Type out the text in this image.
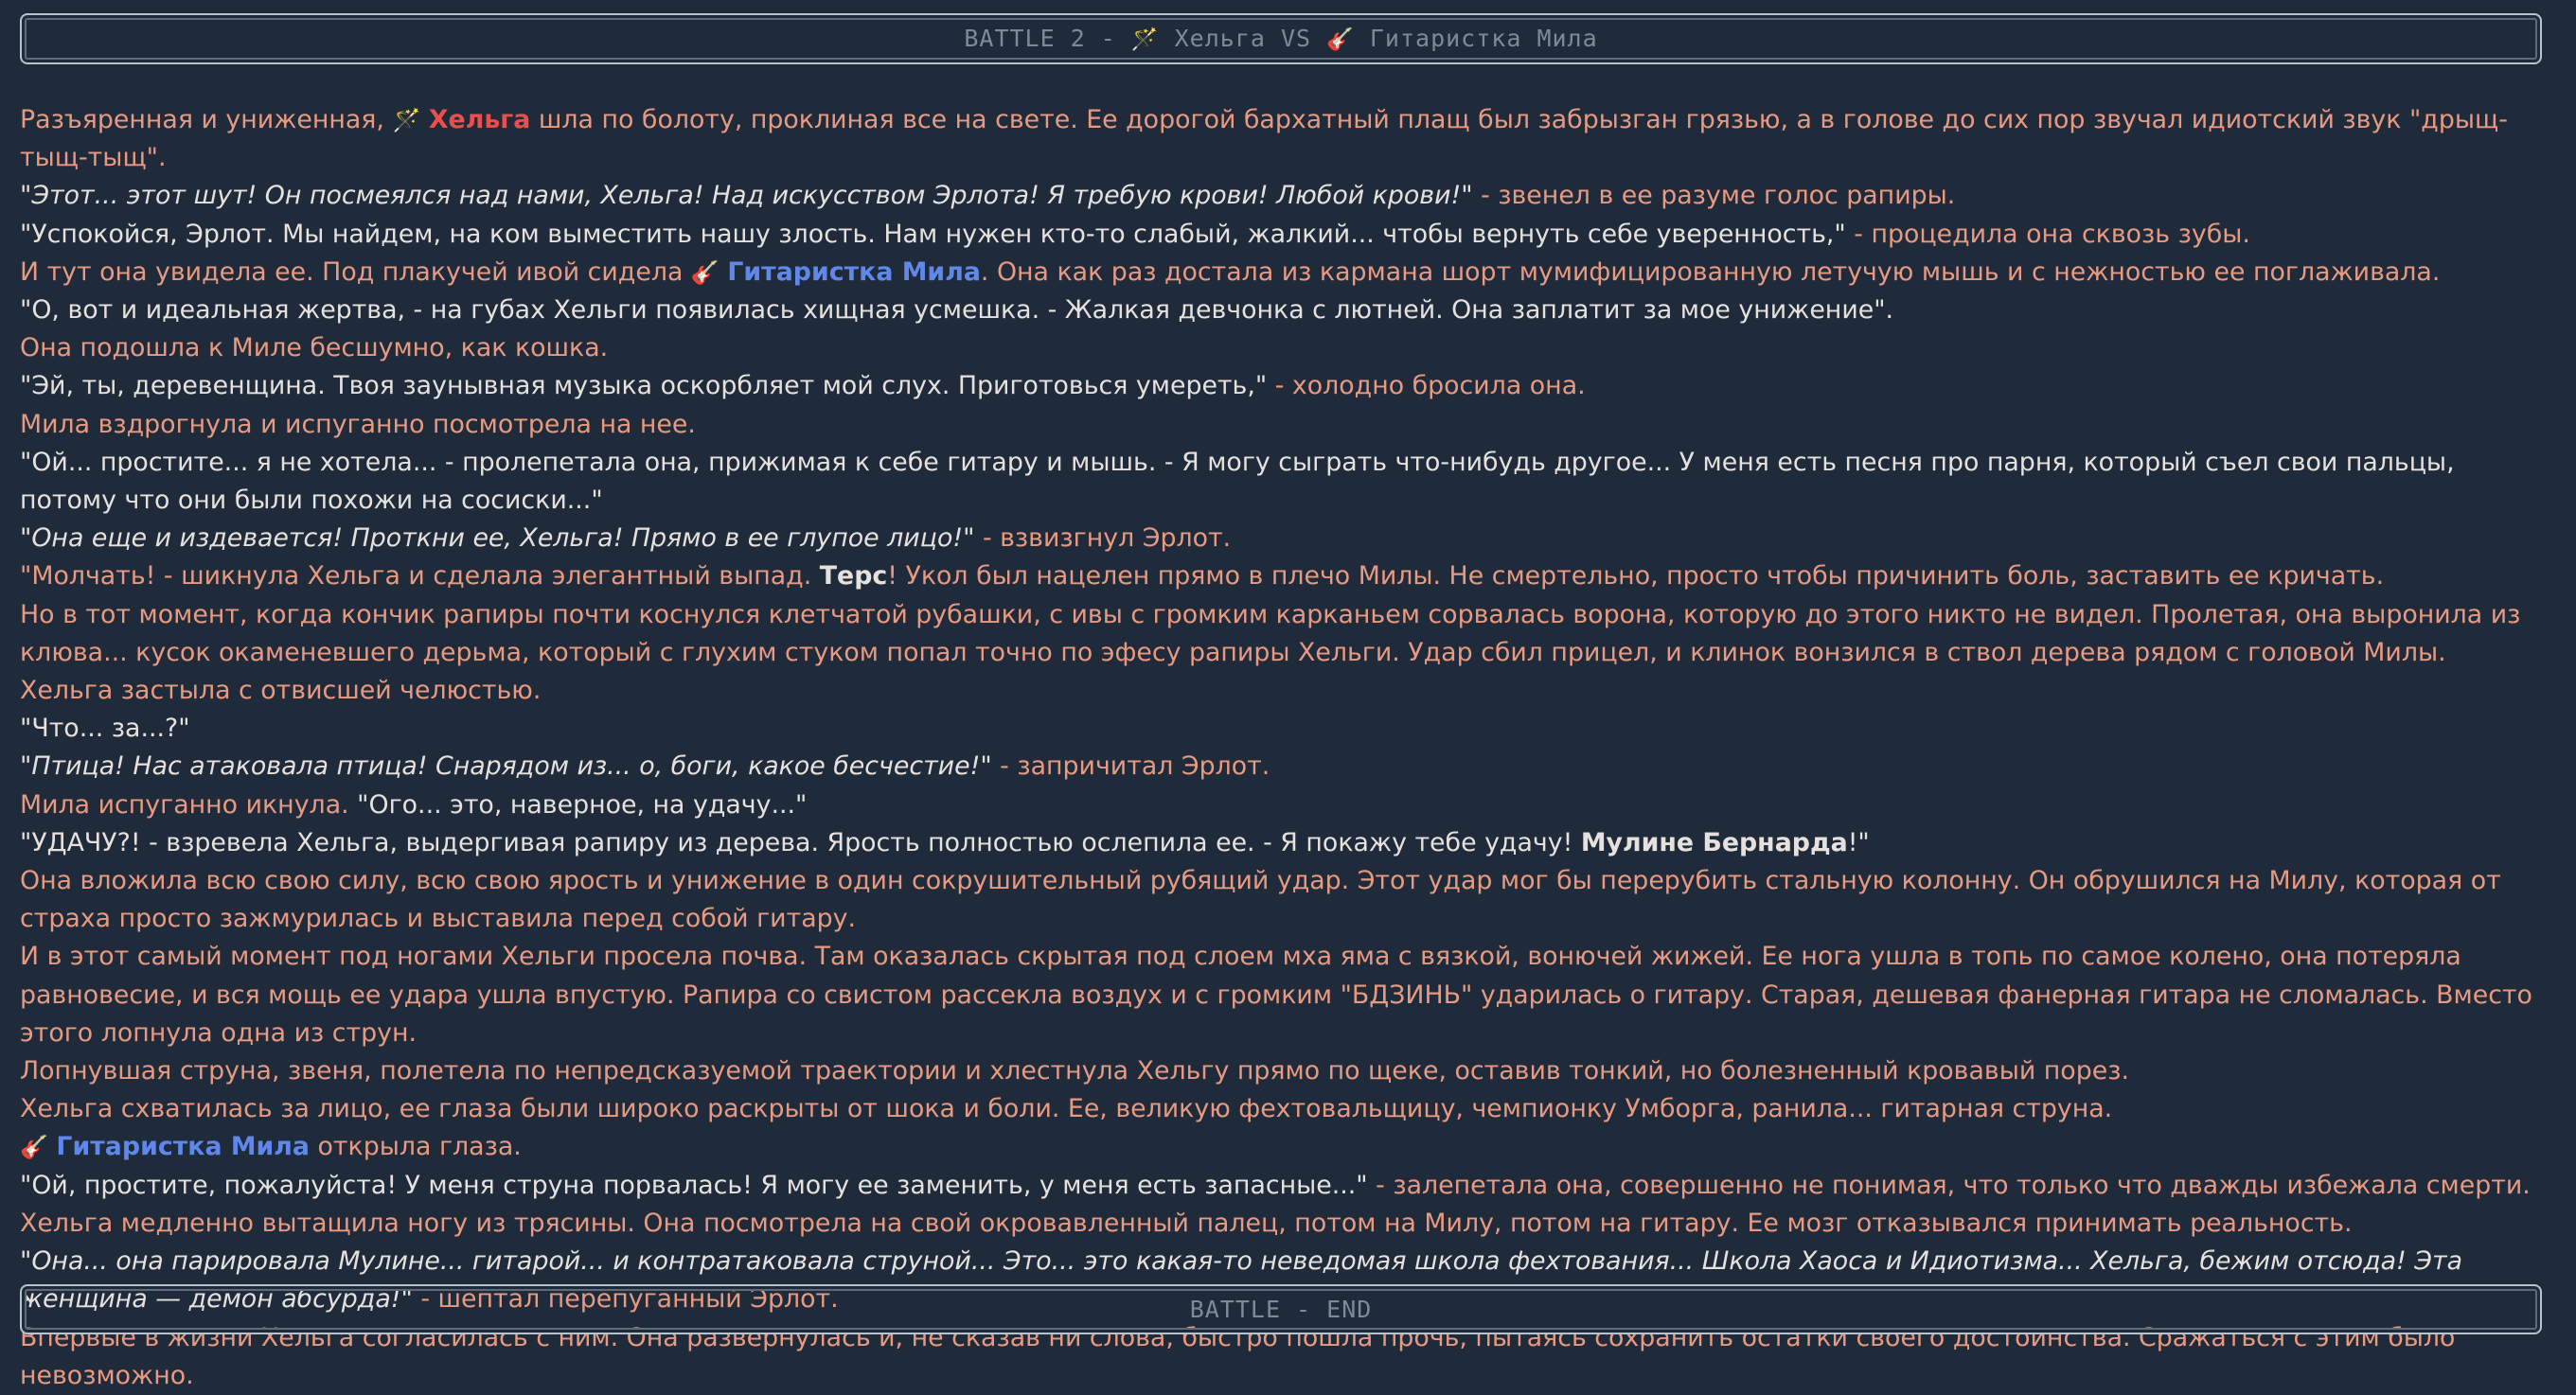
BATTLE 2 - 🪄 Хельга VS 🎸 Гитаристка Мила

Разъяренная и униженная, 🪄 Хельга шла по болоту, проклиная все на свете. Ее дорогой бархатный плащ был забрызган грязью, а в голове до сих пор звучал идиотский звук "дрыщ-тыщ-тыщ".

"Этот... этот шут! Он посмеялся над нами, Хельга! Над искусством Эрлота! Я требую крови! Любой крови!" - звенел в ее разуме голос рапиры.

"Успокойся, Эрлот. Мы найдем, на ком выместить нашу злость. Нам нужен кто-то слабый, жалкий... чтобы вернуть себе уверенность," - процедила она сквозь зубы.

И тут она увидела ее. Под плакучей ивой сидела 🎸 Гитаристка Мила. Она как раз достала из кармана шорт мумифицированную летучую мышь и с нежностью ее поглаживала.

"О, вот и идеальная жертва, - на губах Хельги появилась хищная усмешка. - Жалкая девчонка с лютней. Она заплатит за мое унижение".

Она подошла к Миле бесшумно, как кошка.

"Эй, ты, деревенщина. Твоя заунывная музыка оскорбляет мой слух. Приготовься умереть," - холодно бросила она.

Мила вздрогнула и испуганно посмотрела на нее.

"Ой... простите... я не хотела... - пролепетала она, прижимая к себе гитару и мышь. - Я могу сыграть что-нибудь другое... У меня есть песня про парня, который съел свои пальцы, потому что они были похожи на сосиски..."

"Она еще и издевается! Проткни ее, Хельга! Прямо в ее глупое лицо!" - взвизгнул Эрлот.

"Молчать! - шикнула Хельга и сделала элегантный выпад. Терс! Укол был нацелен прямо в плечо Милы. Не смертельно, просто чтобы причинить боль, заставить ее кричать.

Но в тот момент, когда кончик рапиры почти коснулся клетчатой рубашки, с ивы с громким карканьем сорвалась ворона, которую до этого никто не видел. Пролетая, она выронила из клюва... кусок окаменевшего дерьма, который с глухим стуком попал точно по эфесу рапиры Хельги. Удар сбил прицел, и клинок вонзился в ствол дерева рядом с головой Милы.

Хельга застыла с отвисшей челюстью.

"Что... за...?"

"Птица! Нас атаковала птица! Снарядом из... о, боги, какое бесчестие!" - запричитал Эрлот.

Мила испуганно икнула. "Ого... это, наверное, на удачу..."

"УДАЧУ?! - взревела Хельга, выдергивая рапиру из дерева. Ярость полностью ослепила ее. - Я покажу тебе удачу! Мулине Бернарда!"

Она вложила всю свою силу, всю свою ярость и унижение в один сокрушительный рубящий удар. Этот удар мог бы перерубить стальную колонну. Он обрушился на Милу, которая от страха просто зажмурилась и выставила перед собой гитару.

И в этот самый момент под ногами Хельги просела почва. Там оказалась скрытая под слоем мха яма с вязкой, вонючей жижей. Ее нога ушла в топь по самое колено, она потеряла равновесие, и вся мощь ее удара ушла впустую. Рапира со свистом рассекла воздух и с громким "БДЗИНЬ" ударилась о гитару. Старая, дешевая фанерная гитара не сломалась. Вместо этого лопнула одна из струн.

Лопнувшая струна, звеня, полетела по непредсказуемой траектории и хлестнула Хельгу прямо по щеке, оставив тонкий, но болезненный кровавый порез.

Хельга схватилась за лицо, ее глаза были широко раскрыты от шока и боли. Ее, великую фехтовальщицу, чемпионку Умборга, ранила... гитарная струна.

🎸 Гитаристка Мила открыла глаза.

"Ой, простите, пожалуйста! У меня струна порвалась! Я могу ее заменить, у меня есть запасные..." - залепетала она, совершенно не понимая, что только что дважды избежала смерти.

Хельга медленно вытащила ногу из трясины. Она посмотрела на свой окровавленный палец, потом на Милу, потом на гитару. Ее мозг отказывался принимать реальность.

"Она... она парировала Мулине... гитарой... и контратаковала струной... Это... это какая-то неведомая школа фехтования... Школа Хаоса и Идиотизма... Хельга, бежим отсюда! Эта женщина — демон абсурда!" - шептал перепуганный Эрлот.

Впервые в жизни Хельга согласилась с ним. Она развернулась и, не сказав ни слова, быстро пошла прочь, пытаясь сохранить остатки своего достоинства. Сражаться с этим было невозможно.

BATTLE - END
